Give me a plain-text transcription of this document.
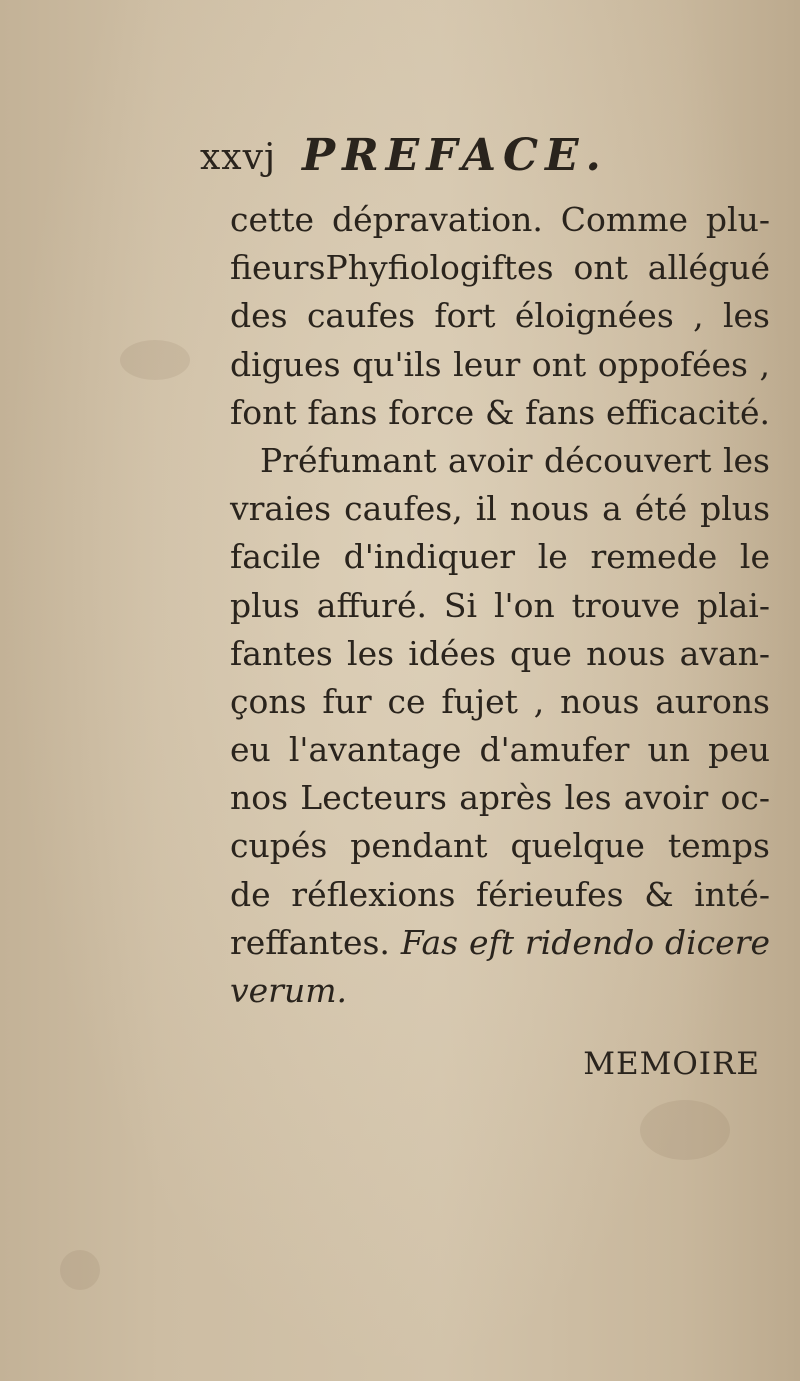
xxvj PREFACE.
cette dépravation. Comme plu-
fieursPhyfiologiftes ont allégué
des caufes fort éloignées , les
digues qu'ils leur ont oppofées ,
font fans force & fans efficacité.
Préfumant avoir découvert les
vraies caufes, il nous a été plus
facile d'indiquer le remede le
plus affuré. Si l'on trouve plai-
fantes les idées que nous avan-
çons fur ce fujet , nous aurons
eu l'avantage d'amufer un peu
nos Lecteurs après les avoir oc-
cupés pendant quelque temps
de réflexions férieufes & inté-
reffantes. Fas eft ridendo dicere
verum.
MEMOIRE
